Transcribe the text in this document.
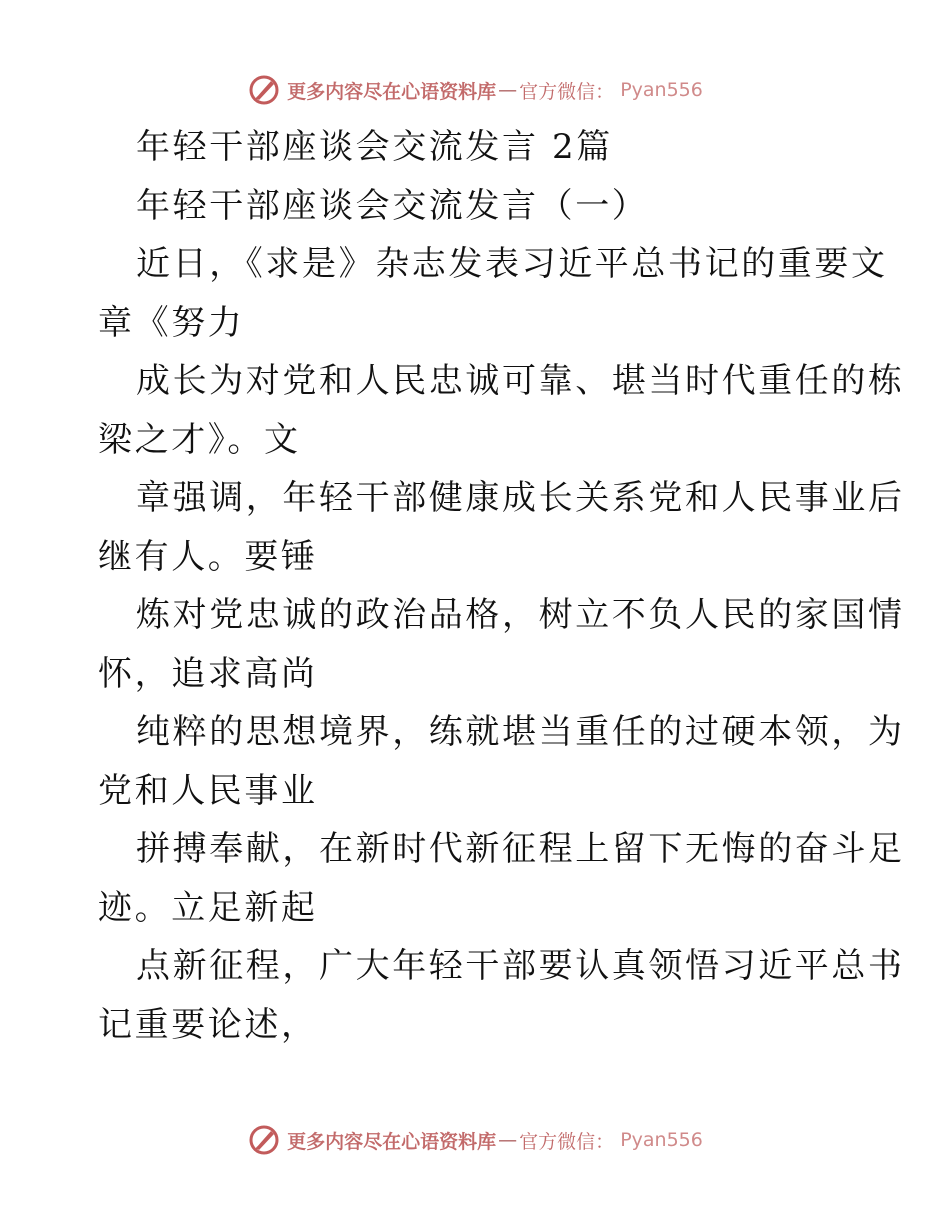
更多内容尽在心语资料库 — 官方微信 ： Pyan556
年轻干部座谈会交流发言 2篇
年轻干部座谈会交流发言（一）
近日，《求是》杂志发表习近平总书记的重要文
章《努力
成长为对党和人民忠诚可靠、堪当时代重任的栋
梁之才》。文
章强调，年轻干部健康成长关系党和人民事业后
继有人。要锤
炼对党忠诚的政治品格，树立不负人民的家国情
怀，追求高尚
纯粹的思想境界，练就堪当重任的过硬本领，为
党和人民事业
拼搏奉献，在新时代新征程上留下无悔的奋斗足
迹。立足新起
点新征程，广大年轻干部要认真领悟习近平总书
记重要论述，
更多内容尽在心语资料库 — 官方微信 ： Pyan556
